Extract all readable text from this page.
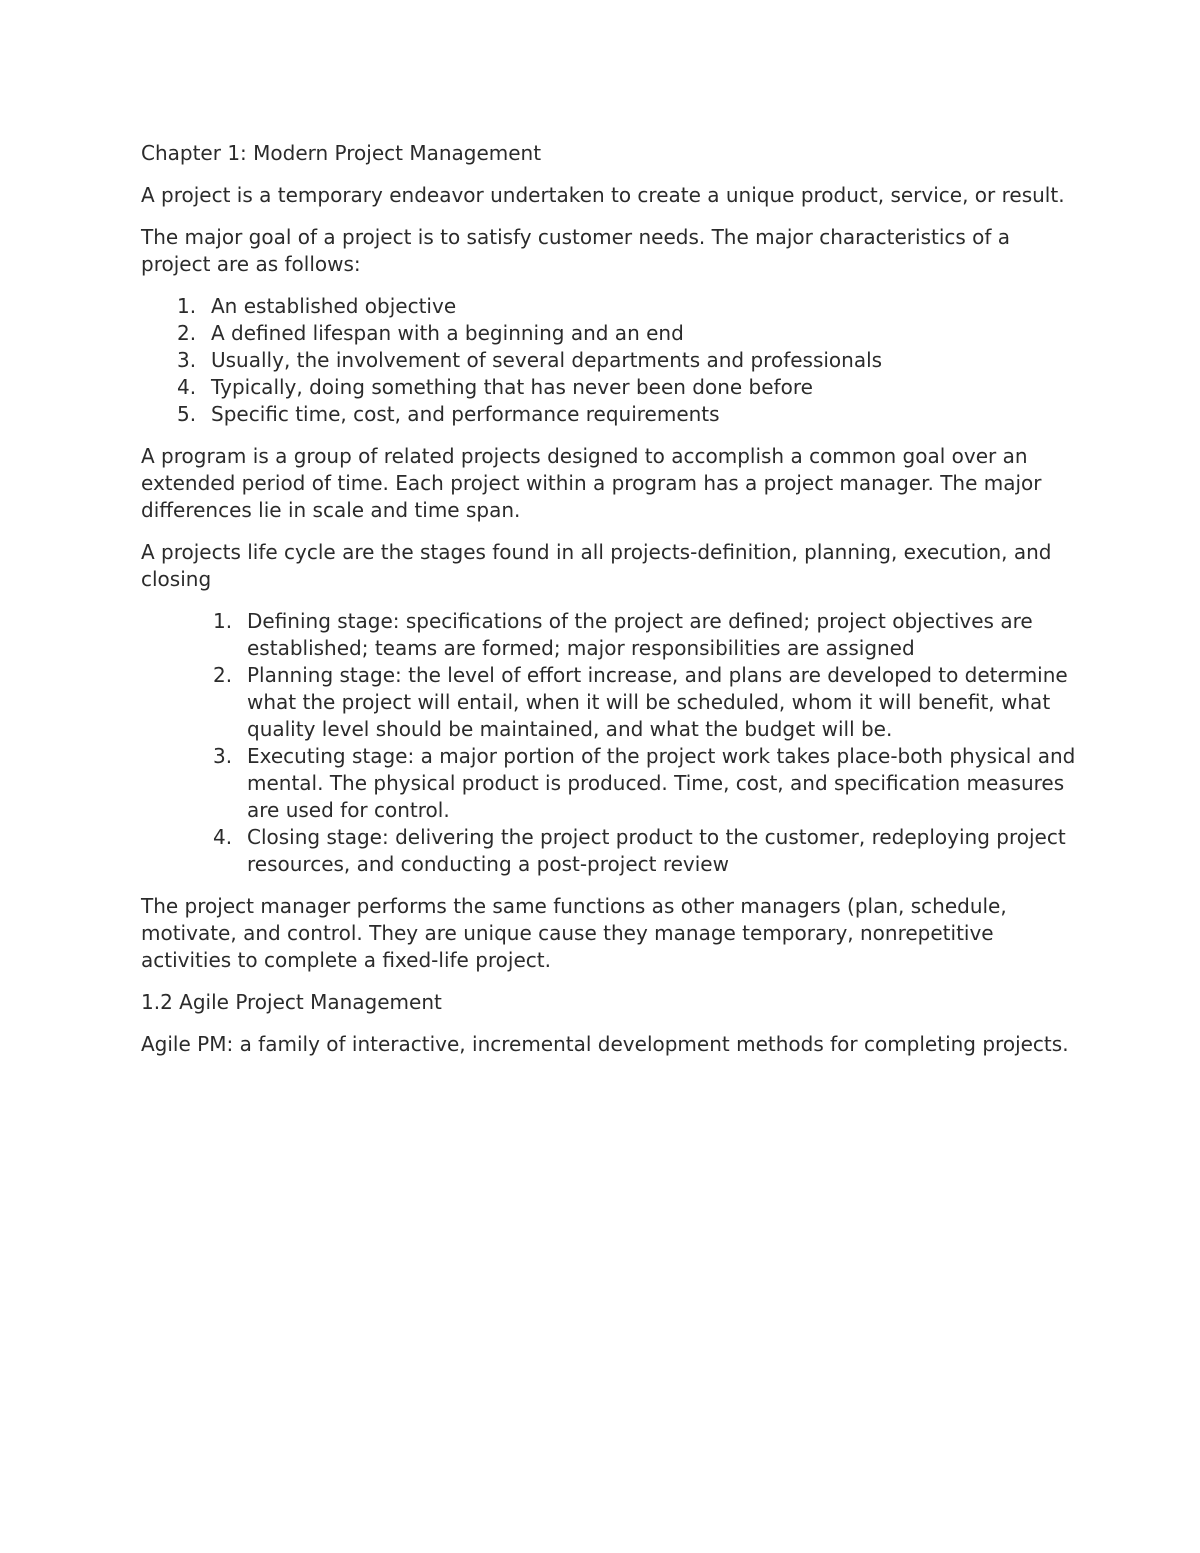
Chapter 1: Modern Project Management

A project is a temporary endeavor undertaken to create a unique product, service, or result.

The major goal of a project is to satisfy customer needs. The major characteristics of a project are as follows:

1. An established objective
2. A defined lifespan with a beginning and an end
3. Usually, the involvement of several departments and professionals
4. Typically, doing something that has never been done before
5. Specific time, cost, and performance requirements

A program is a group of related projects designed to accomplish a common goal over an extended period of time. Each project within a program has a project manager. The major differences lie in scale and time span.

A projects life cycle are the stages found in all projects-definition, planning, execution, and closing

1. Defining stage: specifications of the project are defined; project objectives are established; teams are formed; major responsibilities are assigned
2. Planning stage: the level of effort increase, and plans are developed to determine what the project will entail, when it will be scheduled, whom it will benefit, what quality level should be maintained, and what the budget will be.
3. Executing stage: a major portion of the project work takes place-both physical and mental. The physical product is produced. Time, cost, and specification measures are used for control.
4. Closing stage: delivering the project product to the customer, redeploying project resources, and conducting a post-project review

The project manager performs the same functions as other managers (plan, schedule, motivate, and control. They are unique cause they manage temporary, nonrepetitive activities to complete a fixed-life project.

1.2 Agile Project Management

Agile PM: a family of interactive, incremental development methods for completing projects.
